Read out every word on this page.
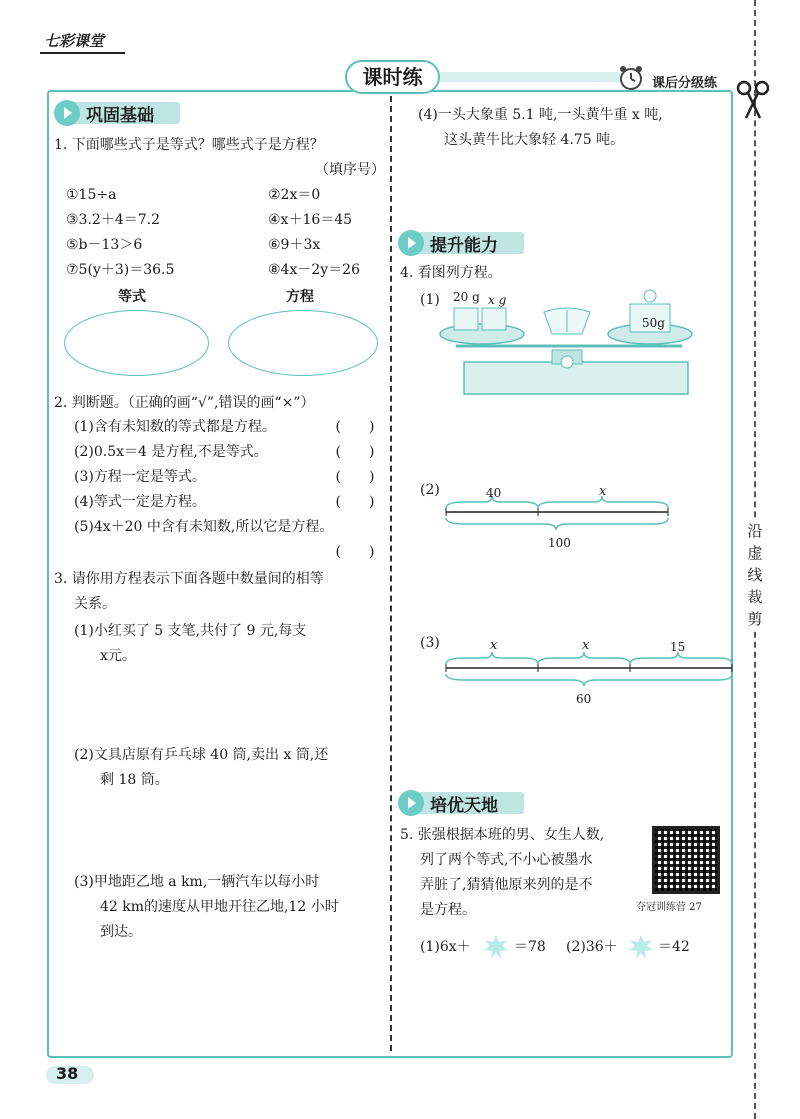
七彩课堂
课时练	课后分级练
沿虚线裁剪
巩固基础
1. 下面哪些式子是等式？哪些式子是方程？
（填序号）
①15÷a	②2x＝0
③3.2＋4＝7.2	④x＋16＝45
⑤b－13＞6	⑥9＋3x
⑦5(y＋3)＝36.5	⑧4x－2y＝26
等式	方程
2. 判断题。（正确的画“√”,错误的画“×”）
(1)含有未知数的等式都是方程。	(　　)
(2)0.5x＝4 是方程,不是等式。	(　　)
(3)方程一定是等式。	(　　)
(4)等式一定是方程。	(　　)
(5)4x＋20 中含有未知数,所以它是方程。
(　　)
3. 请你用方程表示下面各题中数量间的相等
关系。
(1)小红买了 5 支笔,共付了 9 元,每支
x元。
(2)文具店原有乒乓球 40 筒,卖出 x 筒,还
剩 18 筒。
(3)甲地距乙地 a km,一辆汽车以每小时
42 km的速度从甲地开往乙地,12 小时
到达。
(4)一头大象重 5.1 吨,一头黄牛重 x 吨,
这头黄牛比大象轻 4.75 吨。
提升能力
4. 看图列方程。
(1) 20 g x g
50g
(2)	40	x
100
(3)	x	x	15
60
培优天地
5. 张强根据本班的男、女生人数,
列了两个等式,不小心被墨水
弄脏了,猜猜他原来列的是不
是方程。	夺冠训练营 27
(1)6x＋	＝78 (2)36＋	＝42
38
